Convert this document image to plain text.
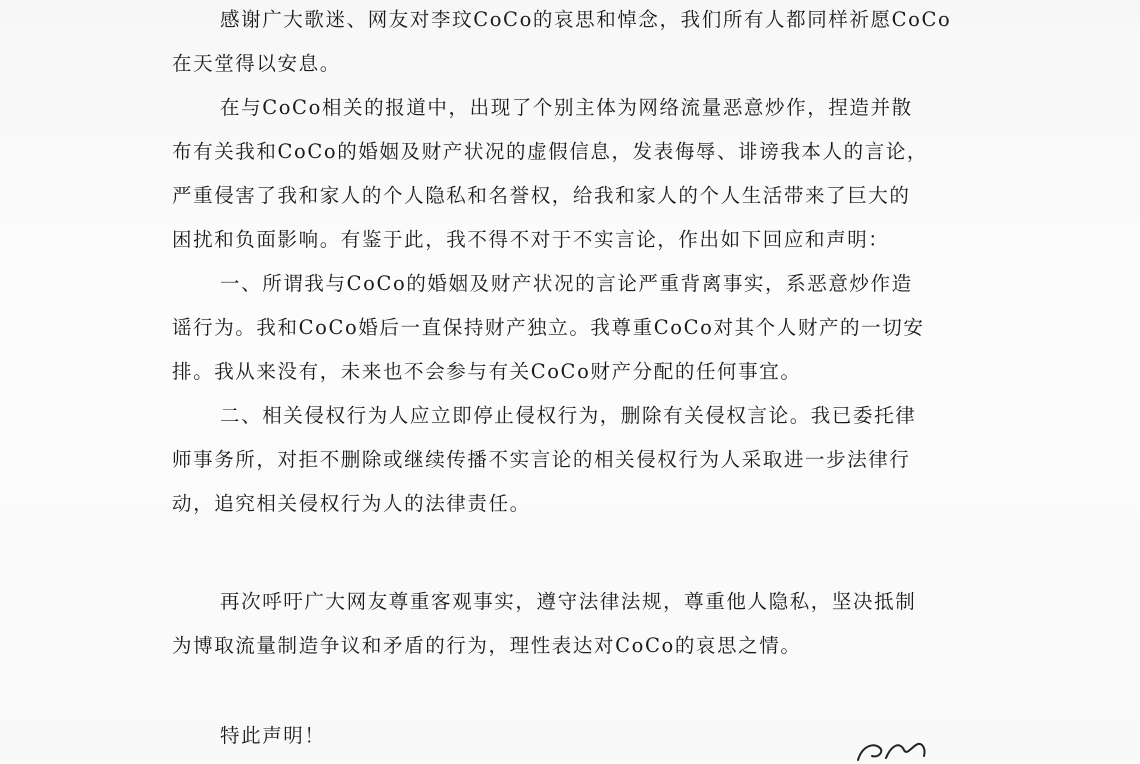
感谢广大歌迷、网友对李玟CoCo的哀思和悼念，我们所有人都同样祈愿CoCo
在天堂得以安息。
在与CoCo相关的报道中，出现了个别主体为网络流量恶意炒作，捏造并散
布有关我和CoCo的婚姻及财产状况的虚假信息，发表侮辱、诽谤我本人的言论，
严重侵害了我和家人的个人隐私和名誉权，给我和家人的个人生活带来了巨大的
困扰和负面影响。有鉴于此，我不得不对于不实言论，作出如下回应和声明：
一、所谓我与CoCo的婚姻及财产状况的言论严重背离事实，系恶意炒作造
谣行为。我和CoCo婚后一直保持财产独立。我尊重CoCo对其个人财产的一切安
排。我从来没有，未来也不会参与有关CoCo财产分配的任何事宜。
二、相关侵权行为人应立即停止侵权行为，删除有关侵权言论。我已委托律
师事务所，对拒不删除或继续传播不实言论的相关侵权行为人采取进一步法律行
动，追究相关侵权行为人的法律责任。
再次呼吁广大网友尊重客观事实，遵守法律法规，尊重他人隐私，坚决抵制
为博取流量制造争议和矛盾的行为，理性表达对CoCo的哀思之情。
特此声明！
